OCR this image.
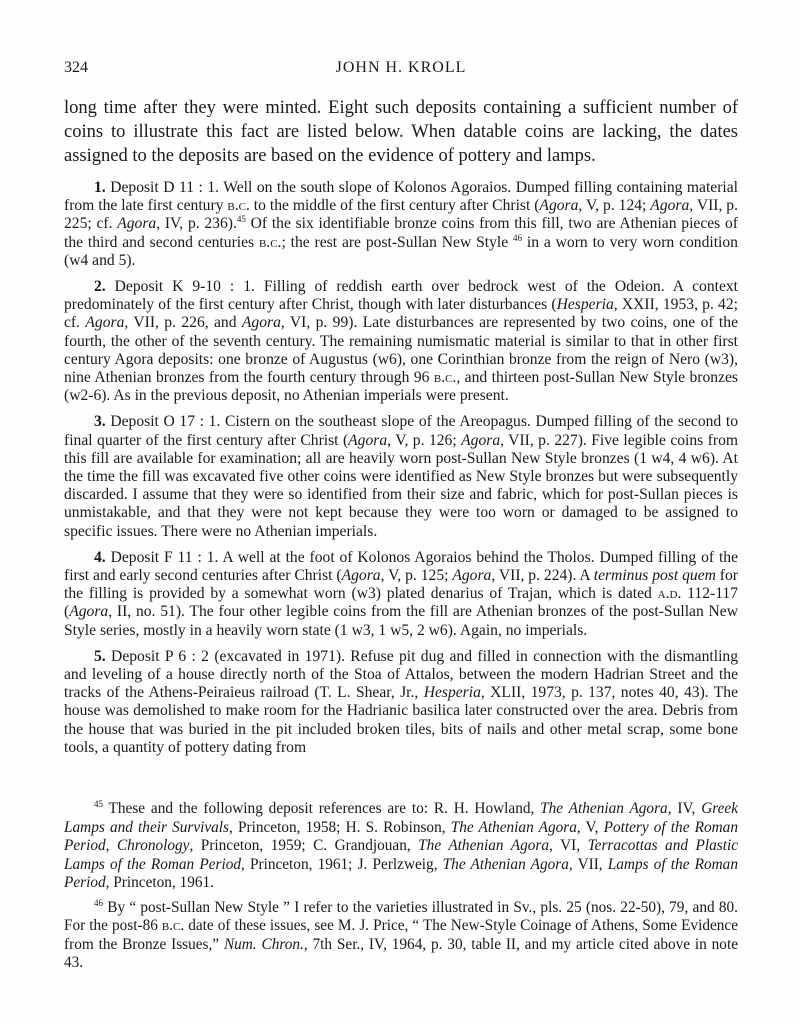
324	JOHN H. KROLL

long time after they were minted. Eight such deposits containing a sufficient number of coins to illustrate this fact are listed below. When datable coins are lacking, the dates assigned to the deposits are based on the evidence of pottery and lamps.

1. Deposit D 11 : 1. Well on the south slope of Kolonos Agoraios. Dumped filling containing material from the late first century b.c. to the middle of the first century after Christ (Agora, V, p. 124; Agora, VII, p. 225; cf. Agora, IV, p. 236).$^{45}$ Of the six identifiable bronze coins from this fill, two are Athenian pieces of the third and second centuries b.c.; the rest are post-Sullan New Style $^{46}$ in a worn to very worn condition (w4 and 5).

2. Deposit K 9-10 : 1. Filling of reddish earth over bedrock west of the Odeion. A context predominately of the first century after Christ, though with later disturbances (Hesperia, XXII, 1953, p. 42; cf. Agora, VII, p. 226, and Agora, VI, p. 99). Late disturbances are represented by two coins, one of the fourth, the other of the seventh century. The remaining numismatic material is similar to that in other first century Agora deposits: one bronze of Augustus (w6), one Corinthian bronze from the reign of Nero (w3), nine Athenian bronzes from the fourth century through 96 b.c., and thirteen post-Sullan New Style bronzes (w2-6). As in the previous deposit, no Athenian imperials were present.

3. Deposit O 17 : 1. Cistern on the southeast slope of the Areopagus. Dumped filling of the second to final quarter of the first century after Christ (Agora, V, p. 126; Agora, VII, p. 227). Five legible coins from this fill are available for examination; all are heavily worn post-Sullan New Style bronzes (1 w4, 4 w6). At the time the fill was excavated five other coins were identified as New Style bronzes but were subsequently discarded. I assume that they were so identified from their size and fabric, which for post-Sullan pieces is unmistakable, and that they were not kept because they were too worn or damaged to be assigned to specific issues. There were no Athenian imperials.

4. Deposit F 11 : 1. A well at the foot of Kolonos Agoraios behind the Tholos. Dumped filling of the first and early second centuries after Christ (Agora, V, p. 125; Agora, VII, p. 224). A terminus post quem for the filling is provided by a somewhat worn (w3) plated denarius of Trajan, which is dated a.d. 112-117 (Agora, II, no. 51). The four other legible coins from the fill are Athenian bronzes of the post-Sullan New Style series, mostly in a heavily worn state (1 w3, 1 w5, 2 w6). Again, no imperials.

5. Deposit P 6 : 2 (excavated in 1971). Refuse pit dug and filled in connection with the dismantling and leveling of a house directly north of the Stoa of Attalos, between the modern Hadrian Street and the tracks of the Athens-Peiraieus railroad (T. L. Shear, Jr., Hesperia, XLII, 1973, p. 137, notes 40, 43). The house was demolished to make room for the Hadrianic basilica later constructed over the area. Debris from the house that was buried in the pit included broken tiles, bits of nails and other metal scrap, some bone tools, a quantity of pottery dating from

$^{45}$ These and the following deposit references are to: R. H. Howland, The Athenian Agora, IV, Greek Lamps and their Survivals, Princeton, 1958; H. S. Robinson, The Athenian Agora, V, Pottery of the Roman Period, Chronology, Princeton, 1959; C. Grandjouan, The Athenian Agora, VI, Terracottas and Plastic Lamps of the Roman Period, Princeton, 1961; J. Perlzweig, The Athenian Agora, VII, Lamps of the Roman Period, Princeton, 1961.

$^{46}$ By “ post-Sullan New Style ” I refer to the varieties illustrated in Sv., pls. 25 (nos. 22-50), 79, and 80. For the post-86 b.c. date of these issues, see M. J. Price, “ The New-Style Coinage of Athens, Some Evidence from the Bronze Issues,” Num. Chron., 7th Ser., IV, 1964, p. 30, table II, and my article cited above in note 43.
